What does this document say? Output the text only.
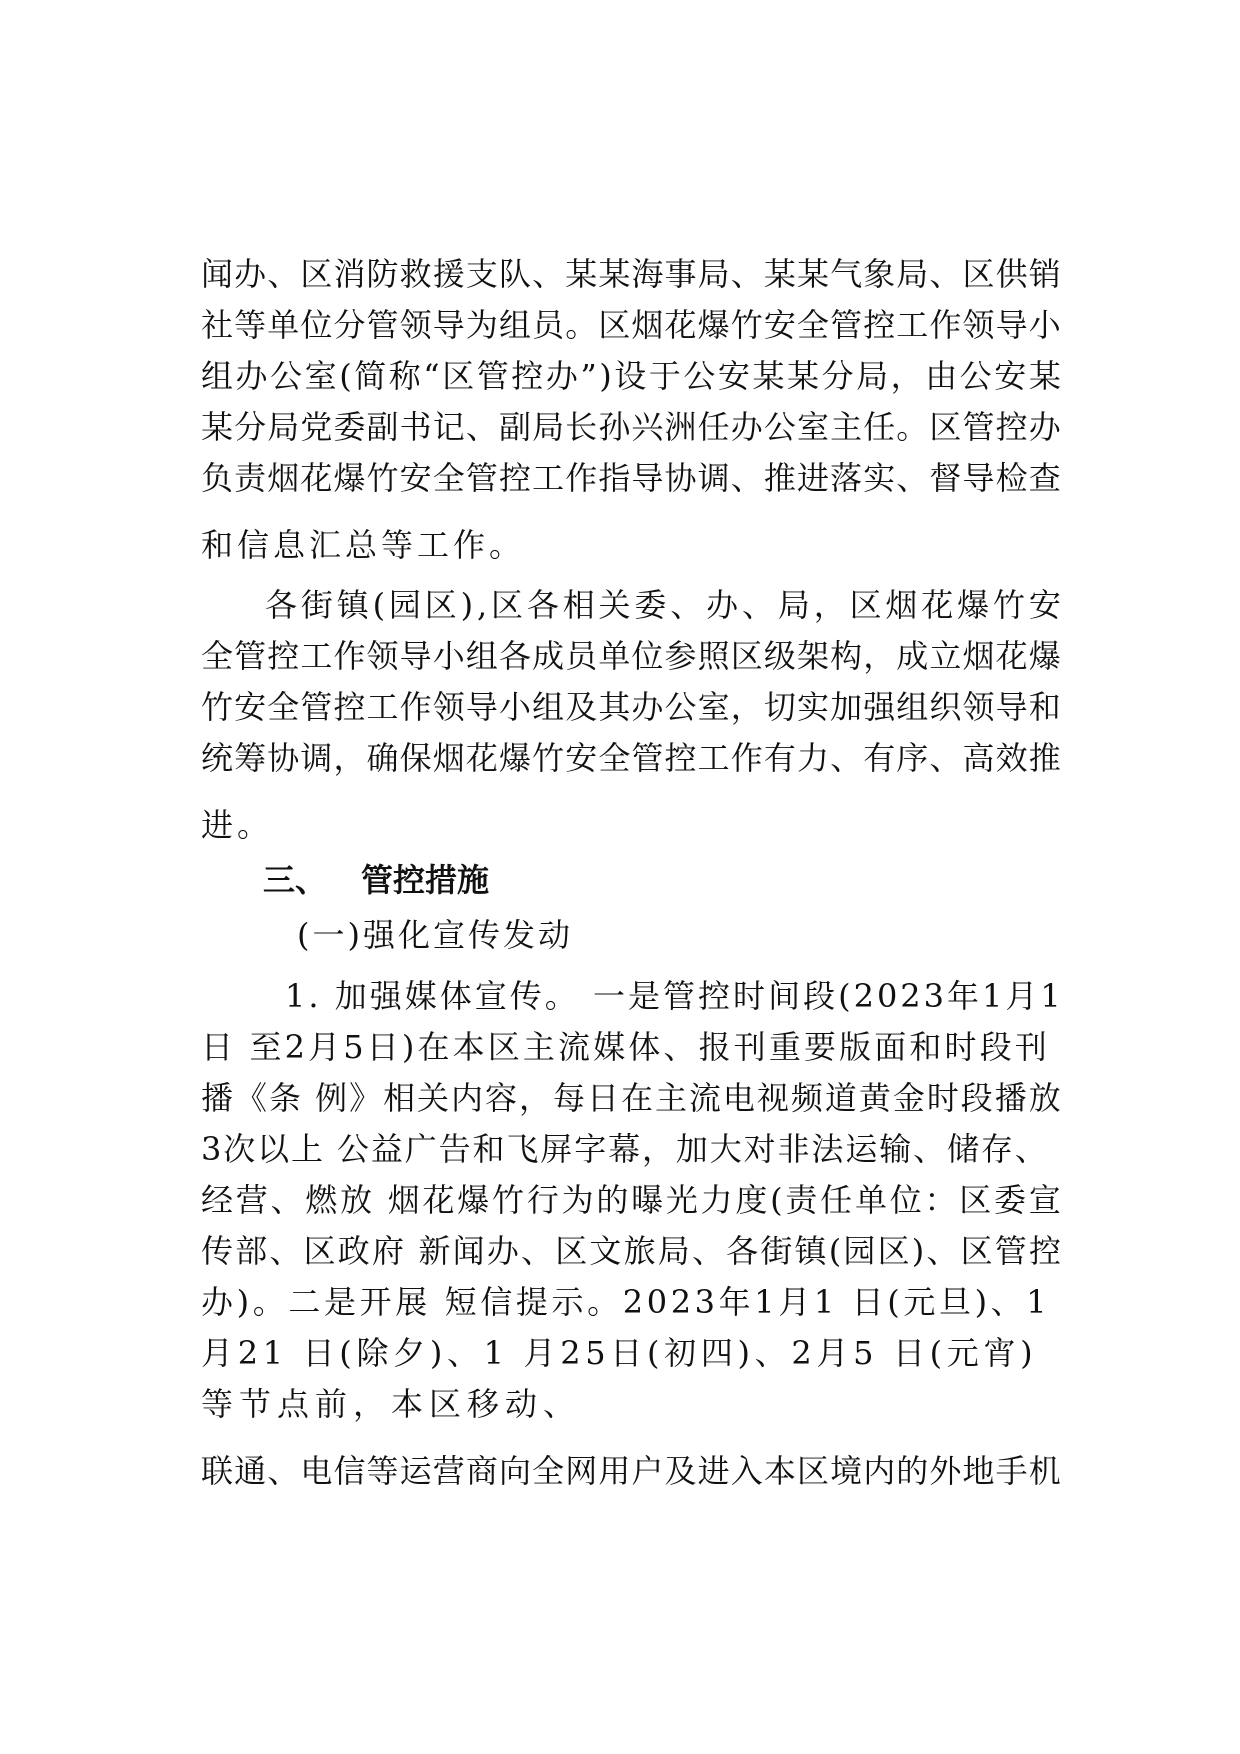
闻 办 、 区 消 防 救 援 支 队 、 某 某 海 事 局 、 某 某 气 象 局 、 区 供 销
社 等 单 位 分 管 领 导 为 组 员 。 区 烟 花 爆 竹 安 全 管 控 工 作 领 导 小
组 办 公 室 ( 简 称 “ 区 管 控 办 ” ) 设 于 公 安 某 某 分 局 ， 由 公 安 某
某 分 局 党 委 副 书 记 、 副 局 长 孙 兴 洲 任 办 公 室 主 任 。 区 管 控 办
负 责 烟 花 爆 竹 安 全 管 控 工 作 指 导 协 调 、 推 进 落 实 、 督 导 检 查
和信息汇总等工作。
各 街 镇 ( 园 区 ) , 区 各 相 关 委 、 办 、 局 ， 区 烟 花 爆 竹 安
全 管 控 工 作 领 导 小 组 各 成 员 单 位 参 照 区 级 架 构 ， 成 立 烟 花 爆
竹 安 全 管 控 工 作 领 导 小 组 及 其 办 公 室 ， 切 实 加 强 组 织 领 导 和
统 筹 协 调 ， 确 保 烟 花 爆 竹 安 全 管 控 工 作 有 力 、 有 序 、 高 效 推
进。
三、 管控措施
(一)强化宣传发动
1 .
加 强 媒 体 宣 传 。
一 是 管 控 时 间 段 ( 2 0 2 3 年 1 月 1
日
至 2 月 5 日 ) 在 本 区 主 流 媒 体 、 报 刊 重 要 版 面 和 时 段 刊
播 《 条
例 》 相 关 内 容 ， 每 日 在 主 流 电 视 频 道 黄 金 时 段 播 放
3 次 以 上
公 益 广 告 和 飞 屏 字 幕 ， 加 大 对 非 法 运 输 、 储 存 、
经 营 、 燃 放
烟 花 爆 竹 行 为 的 曝 光 力 度 ( 责 任 单 位 ： 区 委 宣
传 部 、 区 政 府
新 闻 办 、 区 文 旅 局 、 各 街 镇 ( 园 区 ) 、 区 管 控
办 ) 。 二 是 开 展
短 信 提 示 。 2 0 2 3 年 1 月 1
日 ( 元 旦 ) 、 1
月 2 1
日 ( 除 夕 ) 、 1
月 2 5 日 ( 初 四 ) 、 2 月 5
日 ( 元 宵 )
等节点前，本区移动、
联 通 、 电 信 等 运 营 商 向 全 网 用 户 及 进 入 本 区 境 内 的 外 地 手 机
